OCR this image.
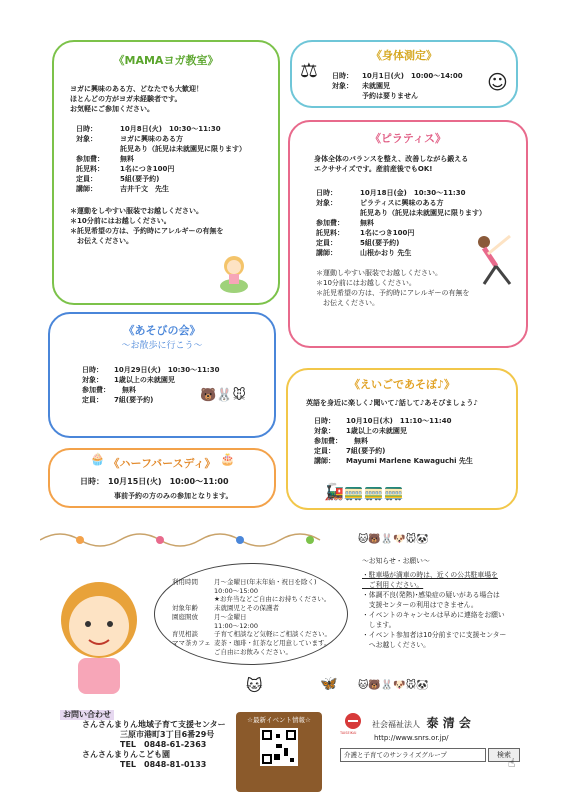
《MAMAヨガ教室》

ヨガに興味のある方、どなたでも大歓迎！

ほとんどの方がヨガ未経験者です。

お気軽にご参加ください。

日時：	10月8日(火)　10:30～11:30
対象：	ヨガに興味のある方
託児あり（託児は未就園児に限ります）
参加費：	無料
託児料：	1名につき100円
定員：	5組(要予約)
講師：	吉井千文　先生

＊運動をしやすい服装でお越しください。

＊10分前にはお越しください。

＊託児希望の方は、予約時にアレルギーの有無を

　お伝えください。

《身体測定》
日時：	10月1日(火)　10:00～14:00
対象：	未就園児
予約は要りません
⚖	☺
《ピラティス》

身体全体のバランスを整え、改善しながら鍛える

エクササイズです。産前産後でもOK!

日時：	10月18日(金)　10:30～11:30
対象：	ピラティスに興味のある方
託児あり（託児は未就園児に限ります）
参加費：	無料
託児料：	1名につき100円
定員：	5組(要予約)
講師：	山根かおり 先生

＊運動しやすい服装でお越しください。

＊10分前にはお越しください。

＊託児希望の方は、予約時にアレルギーの有無を

　お伝えください。

《あそびの会》
～お散歩に行こう～
日時：	10月29日(火)　10:30～11:30
対象：	1歳以上の未就園児
参加費：	無料
定員：	7組(要予約)	🐻🐰🐭
《えいごであそぼ♪》
英語を身近に楽しく♪聞いて♪話して♪あそびましょう♪
日時：	10月10日(木)　11:10～11:40
対象：	1歳以上の未就園児
参加費：	無料
定員：	7組(要予約)
講師：	Mayumi Marlene Kawaguchi 先生
🚂🚃🚃🚃
《ハーフバースディ》
日時：　10月15日(火)　10:00～11:00
事前予約の方のみの参加となります。
🧁	🎂
利用時間	月～金曜日(年末年始・祝日を除く)
10:00～15:00
★お弁当などご自由にお持ちください。
対象年齢	未就園児とその保護者
園庭開放	月～金曜日
11:00～12:00
育児相談	子育て相談など気軽にご相談ください。
ママ茶カフェ 麦茶・珈琲・紅茶など用意しています。
ご自由にお飲みください。
🐱🐻🐰🐶🐭🐼

～お知らせ・お願い～

・駐車場が満車の時は、近くの公共駐車場を

　ご利用ください。

・体調不良(発熱)･感染症の疑いがある場合は

　支援センターの利用はできません。

・イベントのキャンセルは早めに連絡をお願い

　します。

・イベント参加者は10分前までに支援センター

　へお越しください。

🐱🐻🐰🐶🐭🐼
🐱	🦋

お問い合わせ

さんさんまりん地域子育て支援センター

三原市港町3丁目6番29号

TEL　0848-61-2363

さんさんまりんこども園

TEL　0848-81-0133

☆最新イベント情報☆
TAISEIKAI
社会福祉法人 泰 清 会
http://www.snrs.or.jp/
介護と子育てのサンライズグループ	検索
☝
